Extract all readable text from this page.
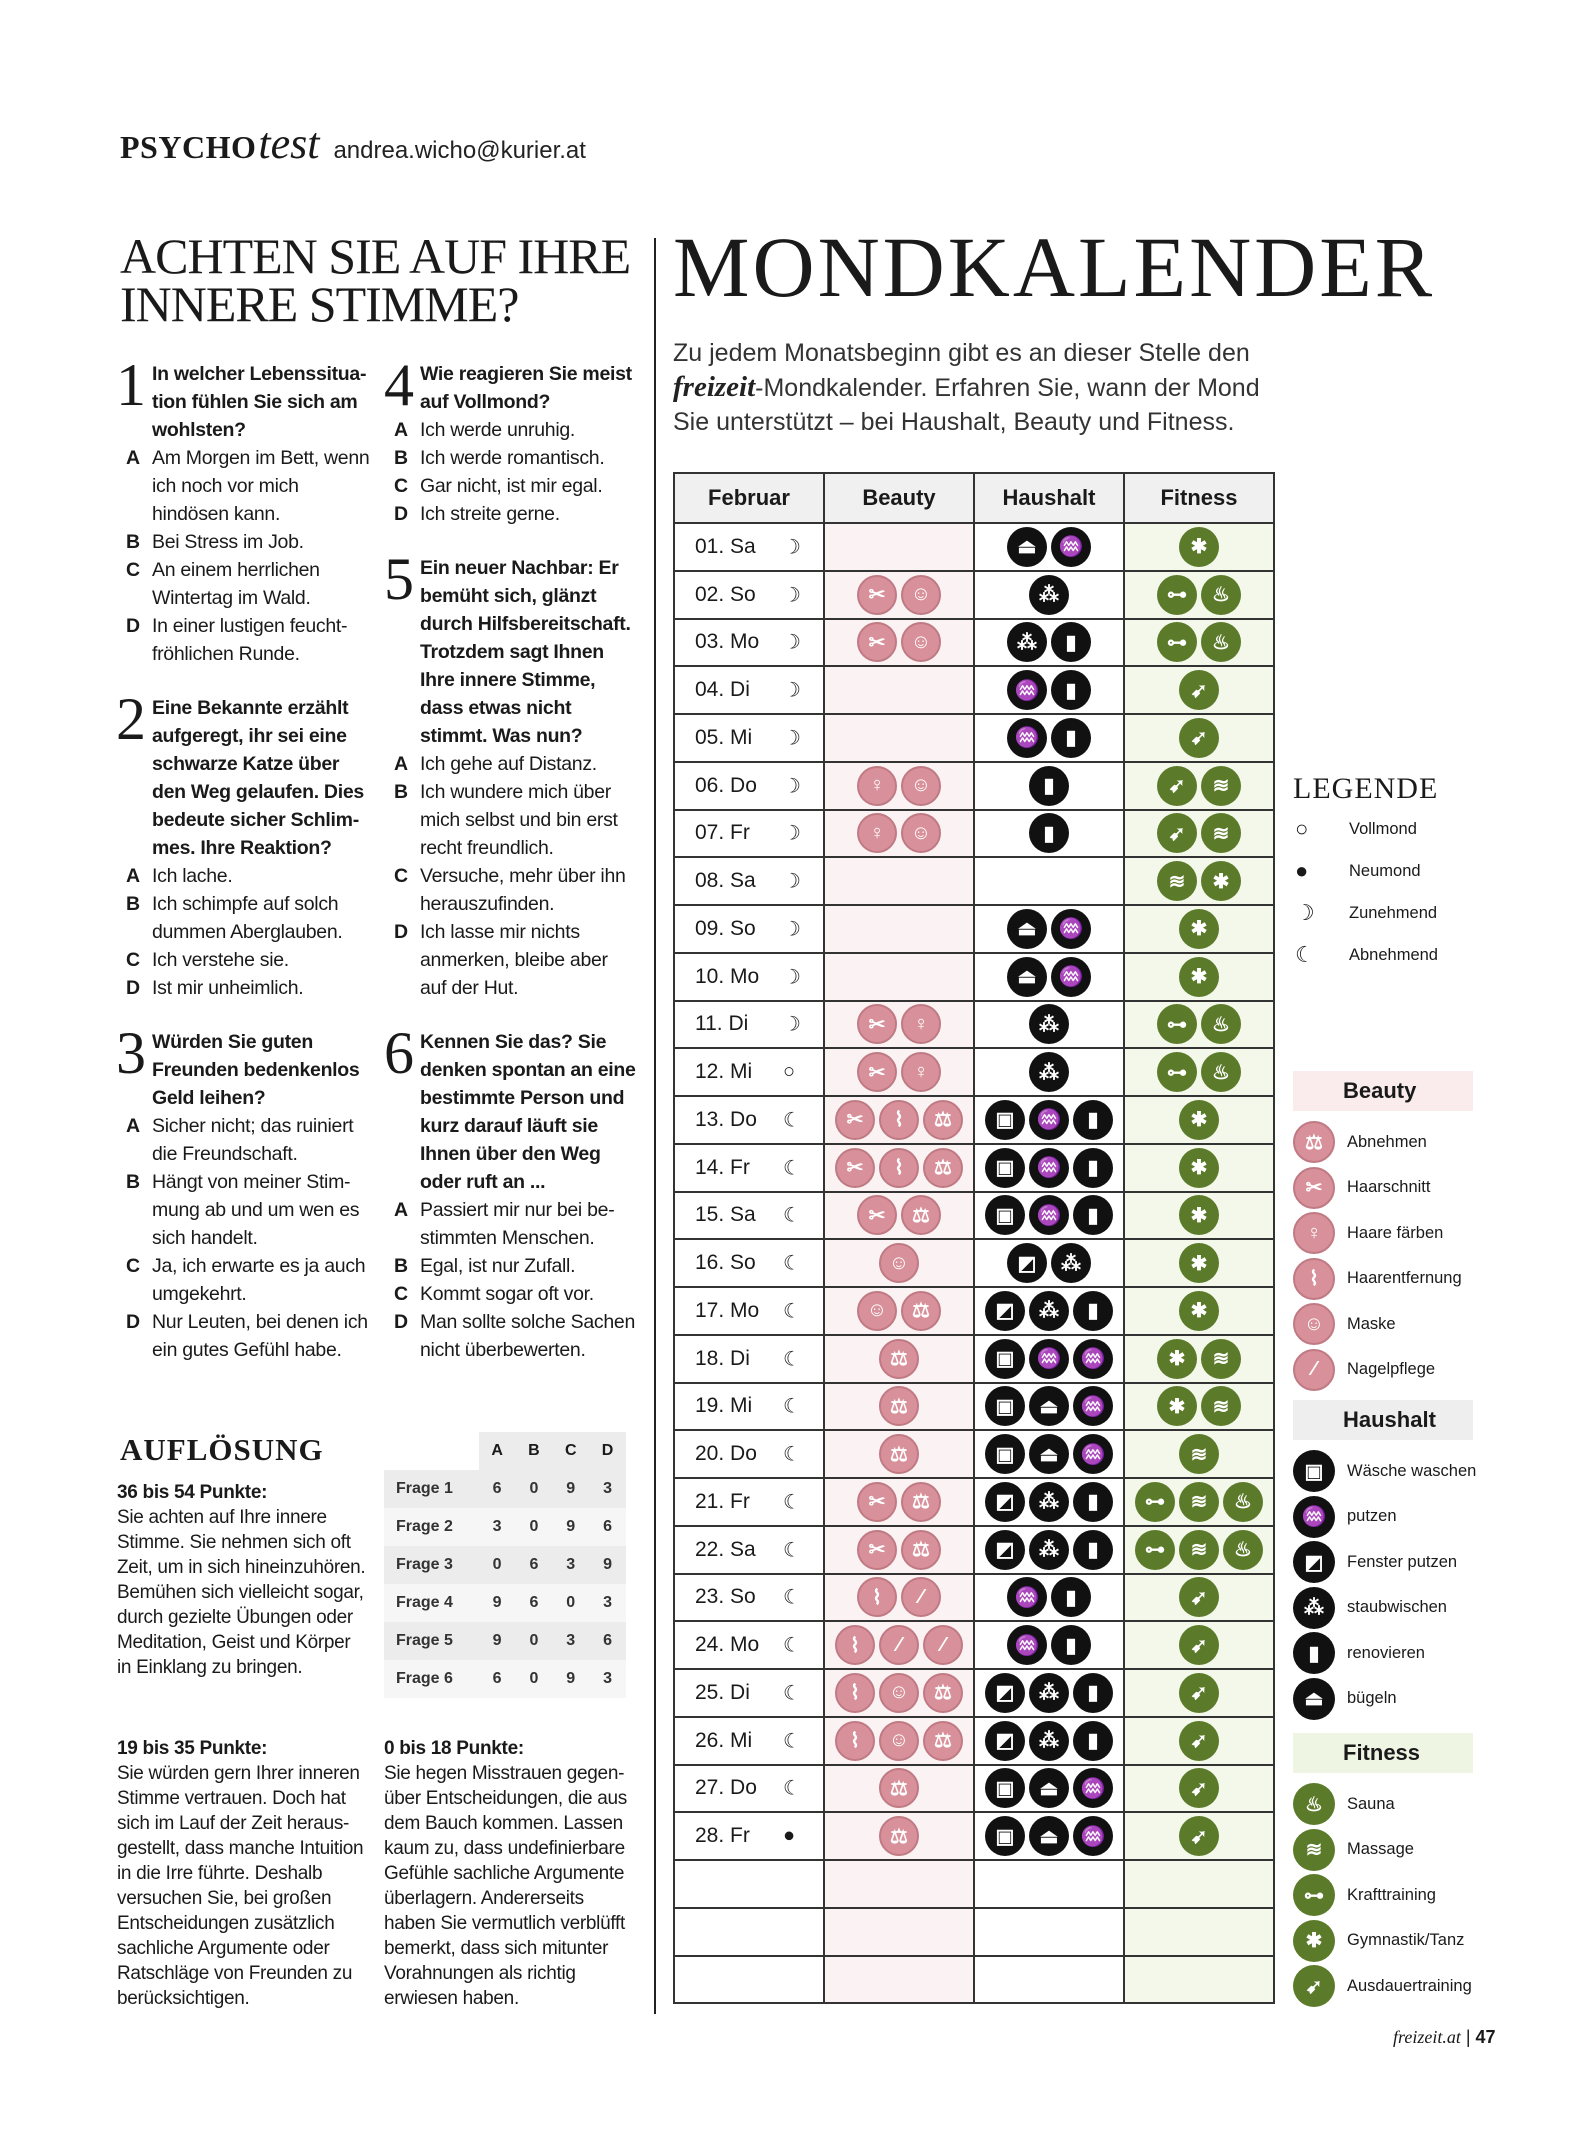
PSYCHO test andrea.wicho@kurier.at
ACHTEN SIE AUF IHRE INNERE STIMME?
1 In welcher Lebenssituation fühlen Sie sich am wohlsten?
A Am Morgen im Bett, wenn ich noch vor mich hindösen kann.
B Bei Stress im Job.
C An einem herrlichen Wintertag im Wald.
D In einer lustigen feucht-fröhlichen Runde.
2 Eine Bekannte erzählt aufgeregt, ihr sei eine schwarze Katze über den Weg gelaufen. Dies bedeute sicher Schlimmes. Ihre Reaktion?
A Ich lache.
B Ich schimpfe auf solch dummen Aberglauben.
C Ich verstehe sie.
D Ist mir unheimlich.
3 Würden Sie guten Freunden bedenkenlos Geld leihen?
A Sicher nicht; das ruiniert die Freundschaft.
B Hängt von meiner Stimmung ab und um wen es sich handelt.
C Ja, ich erwarte es ja auch umgekehrt.
D Nur Leuten, bei denen ich ein gutes Gefühl habe.
4 Wie reagieren Sie meist auf Vollmond?
A Ich werde unruhig.
B Ich werde romantisch.
C Gar nicht, ist mir egal.
D Ich streite gerne.
5 Ein neuer Nachbar: Er bemüht sich, glänzt durch Hilfsbereitschaft. Trotzdem sagt Ihnen Ihre innere Stimme, dass etwas nicht stimmt. Was nun?
A Ich gehe auf Distanz.
B Ich wundere mich über mich selbst und bin erst recht freundlich.
C Versuche, mehr über ihn herauszufinden.
D Ich lasse mir nichts anmerken, bleibe aber auf der Hut.
6 Kennen Sie das? Sie denken spontan an eine bestimmte Person und kurz darauf läuft sie Ihnen über den Weg oder ruft an ...
A Passiert mir nur bei bestimmten Menschen.
B Egal, ist nur Zufall.
C Kommt sogar oft vor.
D Man sollte solche Sachen nicht überbewerten.
AUFLÖSUNG
		A	B	C	D
Frage 1	6	0	9	3
Frage 2	3	0	9	6
Frage 3	0	6	3	9
Frage 4	9	6	0	3
Frage 5	9	0	3	6
Frage 6	6	0	9	3
36 bis 54 Punkte:
Sie achten auf Ihre innere Stimme. Sie nehmen sich oft Zeit, um in sich hineinzuhören. Bemühen sich vielleicht sogar, durch gezielte Übungen oder Meditation, Geist und Körper in Einklang zu bringen.
19 bis 35 Punkte:
Sie würden gern Ihrer inneren Stimme vertrauen. Doch hat sich im Lauf der Zeit herausgestellt, dass manche Intuition in die Irre führte. Deshalb versuchen Sie, bei großen Entscheidungen zusätzlich sachliche Argumente oder Ratschläge von Freunden zu berücksichtigen.
0 bis 18 Punkte:
Sie hegen Misstrauen gegenüber Entscheidungen, die aus dem Bauch kommen. Lassen kaum zu, dass undefinierbare Gefühle sachliche Argumente überlagern. Andererseits haben Sie vermutlich verblüfft bemerkt, dass sich mitunter Vorahnungen als richtig erwiesen haben.
MONDKALENDER
Zu jedem Monatsbeginn gibt es an dieser Stelle den freizeit-Mondkalender. Erfahren Sie, wann der Mond Sie unterstützt – bei Haushalt, Beauty und Fitness.
Februar	Beauty	Haushalt	Fitness
01. Sa ☽		⏏ ♒	✱
02. So ☽	✂ ☺	⁂	⊶ ♨
03. Mo ☽	✂ ☺	⁂ ▮	⊶ ♨
04. Di ☽		♒ ▮	➹
05. Mi ☽		♒ ▮	➹
06. Do ☽	♀ ☺	▮	➹ ≋
07. Fr ☽	♀ ☺	▮	➹ ≋
08. Sa ☽			≋ ✱
09. So ☽		⏏ ♒	✱
10. Mo ☽		⏏ ♒	✱
11. Di ☽	✂ ♀	⁂	⊶ ♨
12. Mi ○	✂ ♀	⁂	⊶ ♨
13. Do ☾	✂ ⌇ ⚖	▣ ♒ ▮	✱
14. Fr ☾	✂ ⌇ ⚖	▣ ♒ ▮	✱
15. Sa ☾	✂ ⚖	▣ ♒ ▮	✱
16. So ☾	☺	◩ ⁂	✱
17. Mo ☾	☺ ⚖	◩ ⁂ ▮	✱
18. Di ☾	⚖	▣ ♒ ♒	✱ ≋
19. Mi ☾	⚖	▣ ⏏ ♒	✱ ≋
20. Do ☾	⚖	▣ ⏏ ♒	≋
21. Fr ☾	✂ ⚖	◩ ⁂ ▮	⊶ ≋ ♨
22. Sa ☾	✂ ⚖	◩ ⁂ ▮	⊶ ≋ ♨
23. So ☾	⌇ ⁄	♒ ▮	➹
24. Mo ☾	⌇ ⁄ ⁄	♒ ▮	➹
25. Di ☾	⌇ ☺ ⚖	◩ ⁂ ▮	➹
26. Mi ☾	⌇ ☺ ⚖	◩ ⁂ ▮	➹
27. Do ☾	⚖	▣ ⏏ ♒	➹
28. Fr ●	⚖	▣ ⏏ ♒	➹

LEGENDE
○	Vollmond
●	Neumond
☽	Zunehmend
☾	Abnehmend
Beauty
⚖	Abnehmen
✂	Haarschnitt
♀	Haare färben
⌇	Haarentfernung
☺	Maske
⁄	Nagelpflege
Haushalt
▣	Wäsche waschen
♒	putzen
◩	Fenster putzen
⁂	staubwischen
▮	renovieren
⏏	bügeln
Fitness
♨	Sauna
≋	Massage
⊶	Krafttraining
✱	Gymnastik/Tanz
➹	Ausdauertraining
freizeit.at | 47
